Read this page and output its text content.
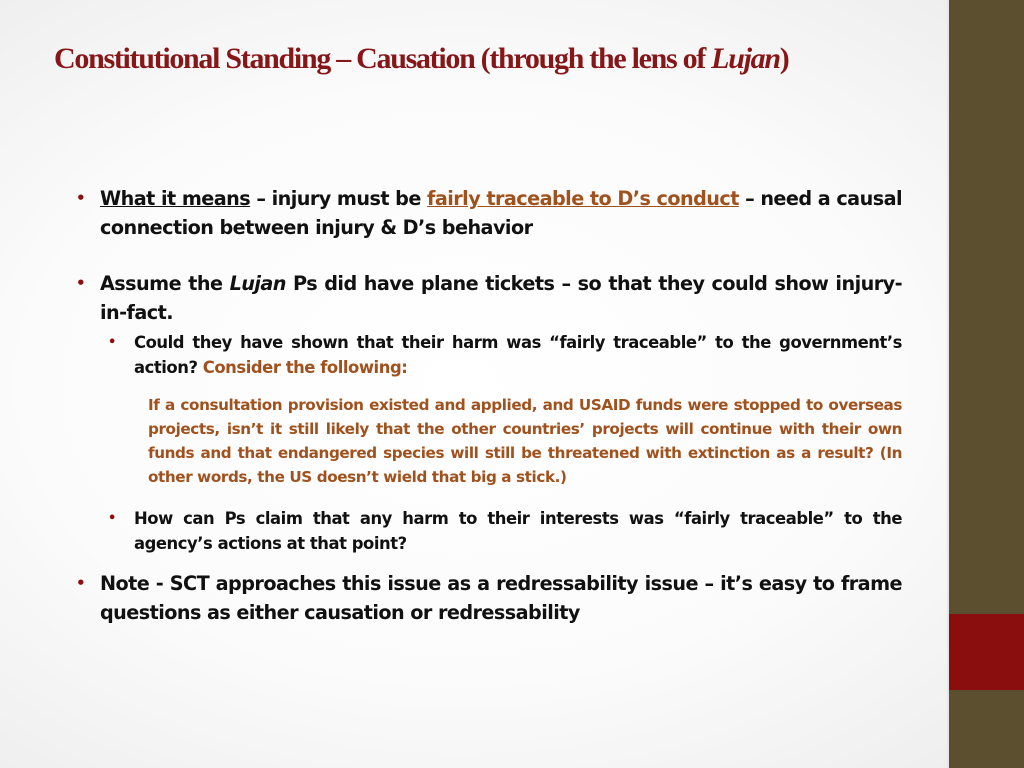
Constitutional Standing – Causation (through the lens of Lujan)
• What it means – injury must be fairly traceable to D’s conduct – need a causal connection between injury & D’s behavior
• Assume the Lujan Ps did have plane tickets – so that they could show injury-in-fact.
• Could they have shown that their harm was “fairly traceable” to the government’s action? Consider the following:
If a consultation provision existed and applied, and USAID funds were stopped to overseas projects, isn’t it still likely that the other countries’ projects will continue with their own funds and that endangered species will still be threatened with extinction as a result? (In other words, the US doesn’t wield that big a stick.)
• How can Ps claim that any harm to their interests was “fairly traceable” to the agency’s actions at that point?
• Note - SCT approaches this issue as a redressability issue – it’s easy to frame questions as either causation or redressability
